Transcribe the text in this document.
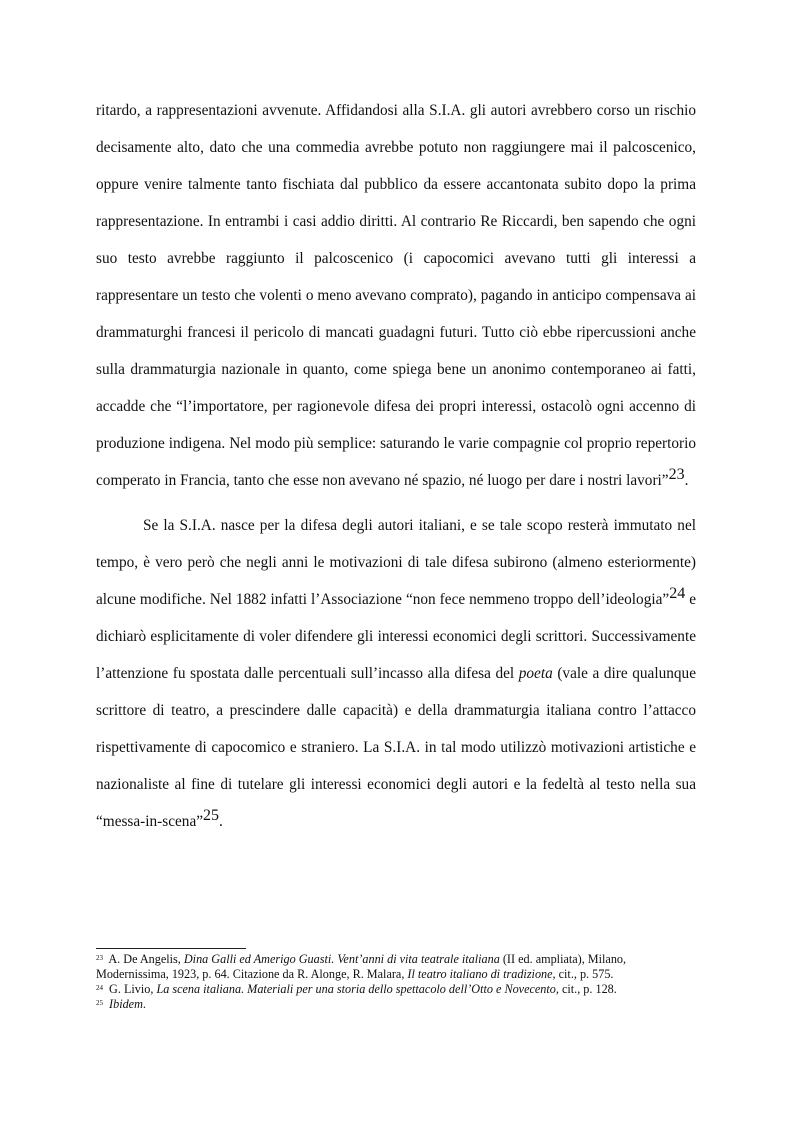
ritardo, a rappresentazioni avvenute. Affidandosi alla S.I.A. gli autori avrebbero corso un rischio decisamente alto, dato che una commedia avrebbe potuto non raggiungere mai il palcoscenico, oppure venire talmente tanto fischiata dal pubblico da essere accantonata subito dopo la prima rappresentazione. In entrambi i casi addio diritti. Al contrario Re Riccardi, ben sapendo che ogni suo testo avrebbe raggiunto il palcoscenico (i capocomici avevano tutti gli interessi a rappresentare un testo che volenti o meno avevano comprato), pagando in anticipo compensava ai drammaturghi francesi il pericolo di mancati guadagni futuri. Tutto ciò ebbe ripercussioni anche sulla drammaturgia nazionale in quanto, come spiega bene un anonimo contemporaneo ai fatti, accadde che “l’importatore, per ragionevole difesa dei propri interessi, ostacolò ogni accenno di produzione indigena. Nel modo più semplice: saturando le varie compagnie col proprio repertorio comperato in Francia, tanto che esse non avevano né spazio, né luogo per dare i nostri lavori”$^{23}$.

Se la S.I.A. nasce per la difesa degli autori italiani, e se tale scopo resterà immutato nel tempo, è vero però che negli anni le motivazioni di tale difesa subirono (almeno esteriormente) alcune modifiche. Nel 1882 infatti l’Associazione “non fece nemmeno troppo dell’ideologia”$^{24}$ e dichiarò esplicitamente di voler difendere gli interessi economici degli scrittori. Successivamente l’attenzione fu spostata dalle percentuali sull’incasso alla difesa del poeta (vale a dire qualunque scrittore di teatro, a prescindere dalle capacità) e della drammaturgia italiana contro l’attacco rispettivamente di capocomico e straniero. La S.I.A. in tal modo utilizzò motivazioni artistiche e nazionaliste al fine di tutelare gli interessi economici degli autori e la fedeltà al testo nella sua “messa-in-scena”$^{25}$.

$^{23}$ A. De Angelis, Dina Galli ed Amerigo Guasti. Vent’anni di vita teatrale italiana (II ed. ampliata), Milano, Modernissima, 1923, p. 64. Citazione da R. Alonge, R. Malara, Il teatro italiano di tradizione, cit., p. 575.

$^{24}$ G. Livio, La scena italiana. Materiali per una storia dello spettacolo dell’Otto e Novecento, cit., p. 128.

$^{25}$ Ibidem.
